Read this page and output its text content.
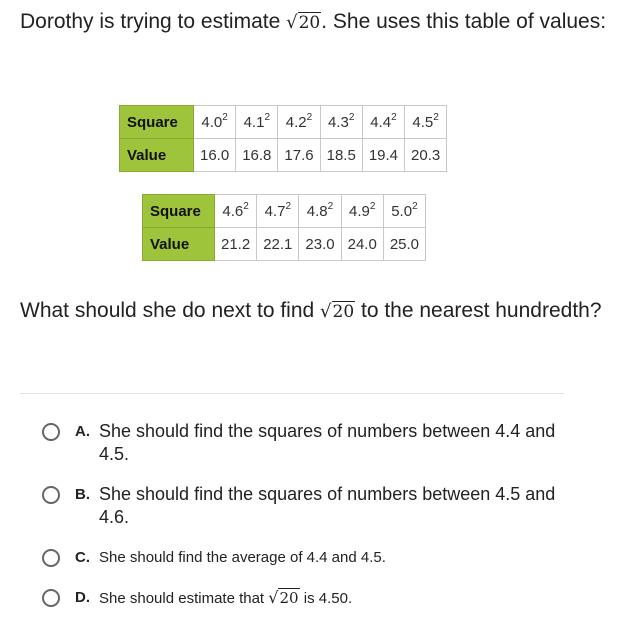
Dorothy is trying to estimate √20. She uses this table of values:
Square	$4.0^2$	$4.1^2$	$4.2^2$	$4.3^2$	$4.4^2$	$4.5^2$
Value	16.0	16.8	17.6	18.5	19.4	20.3
Square	$4.6^2$	$4.7^2$	$4.8^2$	$4.9^2$	$5.0^2$
Value	21.2	22.1	23.0	24.0	25.0
What should she do next to find √20 to the nearest hundredth?
A. She should find the squares of numbers between 4.4 and 4.5.
B. She should find the squares of numbers between 4.5 and 4.6.
C. She should find the average of 4.4 and 4.5.
D. She should estimate that √20 is 4.50.
